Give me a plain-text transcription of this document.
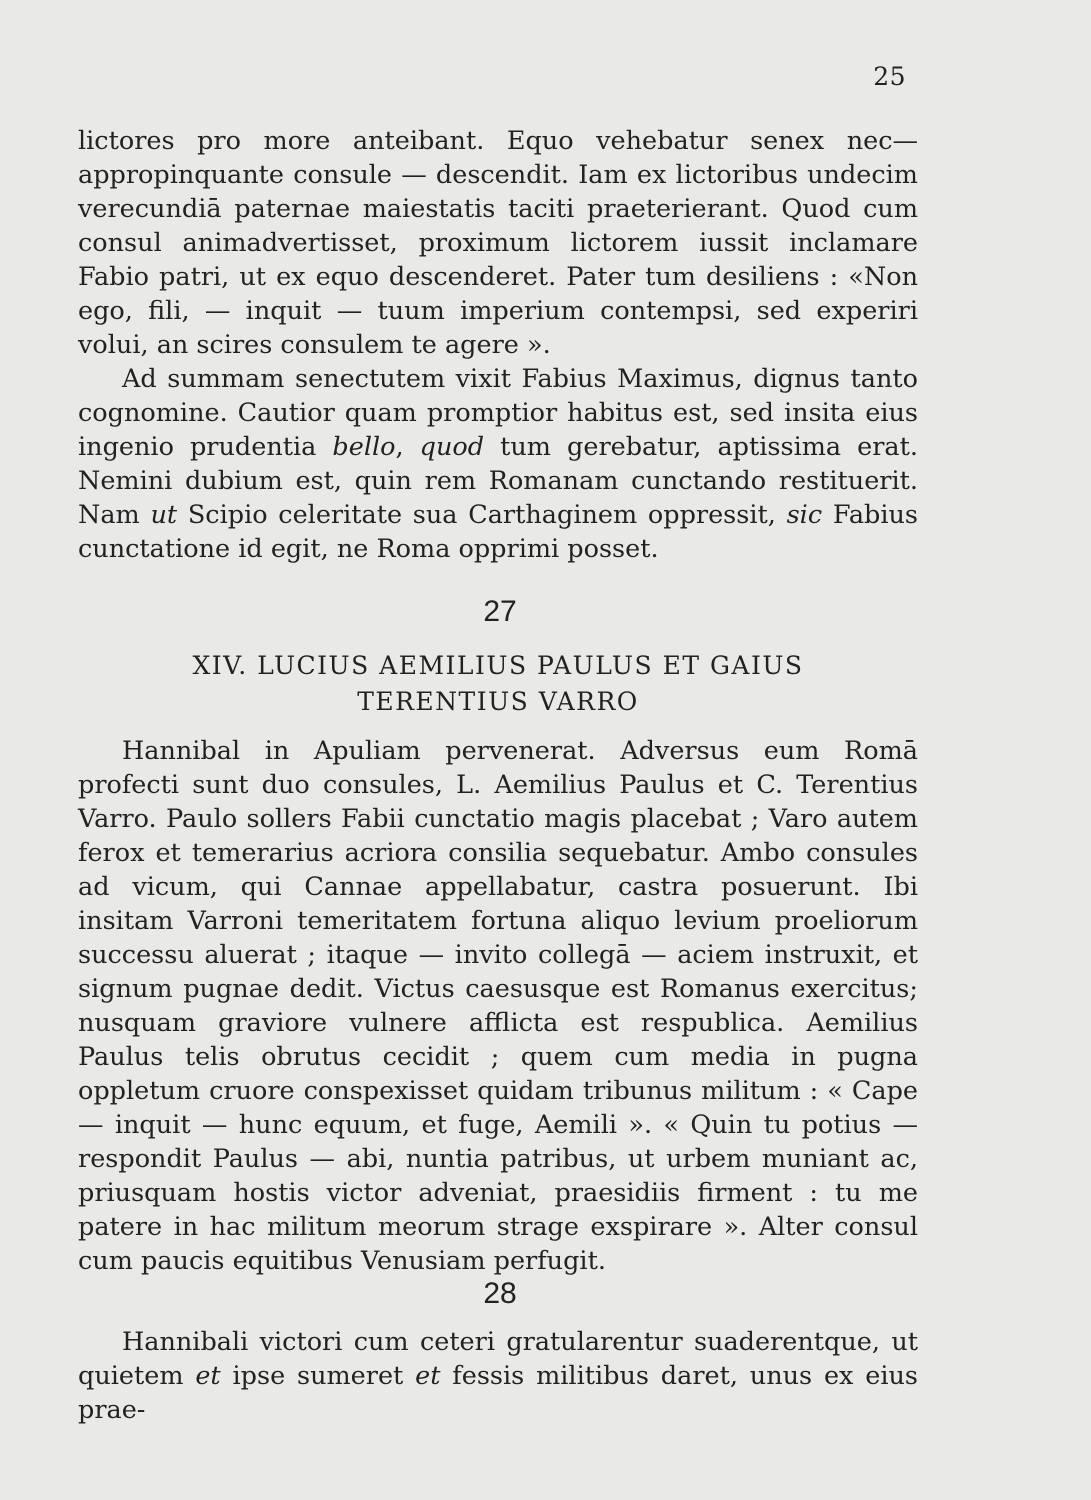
25

lictores pro more anteibant. Equo vehebatur senex nec—appropinquante consule — descendit. Iam ex lictoribus undecim verecundiā paternae maiestatis taciti praeterierant. Quod cum consul animadvertisset, proximum lictorem iussit inclamare Fabio patri, ut ex equo descenderet. Pater tum desiliens : «Non ego, fili, — inquit — tuum imperium contempsi, sed experiri volui, an scires consulem te agere ».

Ad summam senectutem vixit Fabius Maximus, dignus tanto cognomine. Cautior quam promptior habitus est, sed insita eius ingenio prudentia bello, quod tum gerebatur, aptissima erat. Nemini dubium est, quin rem Romanam cunctando restituerit. Nam ut Scipio celeritate sua Carthaginem oppressit, sic Fabius cunctatione id egit, ne Roma opprimi posset.

27
XIV. LUCIUS AEMILIUS PAULUS ET GAIUS
TERENTIUS VARRO

Hannibal in Apuliam pervenerat. Adversus eum Romā profecti sunt duo consules, L. Aemilius Paulus et C. Terentius Varro. Paulo sollers Fabii cunctatio magis placebat ; Varo autem ferox et temerarius acriora consilia sequebatur. Ambo consules ad vicum, qui Cannae appellabatur, castra posuerunt. Ibi insitam Varroni temeritatem fortuna aliquo levium proeliorum successu aluerat ; itaque — invito collegā — aciem instruxit, et signum pugnae dedit. Victus caesusque est Romanus exercitus; nusquam graviore vulnere afflicta est respublica. Aemilius Paulus telis obrutus cecidit ; quem cum media in pugna oppletum cruore conspexisset quidam tribunus militum : « Cape — inquit — hunc equum, et fuge, Aemili ». « Quin tu potius — respondit Paulus — abi, nuntia patribus, ut urbem muniant ac, priusquam hostis victor adveniat, praesidiis firment : tu me patere in hac militum meorum strage exspirare ». Alter consul cum paucis equitibus Venusiam perfugit.

28

Hannibali victori cum ceteri gratularentur suaderentque, ut quietem et ipse sumeret et fessis militibus daret, unus ex eius prae-
